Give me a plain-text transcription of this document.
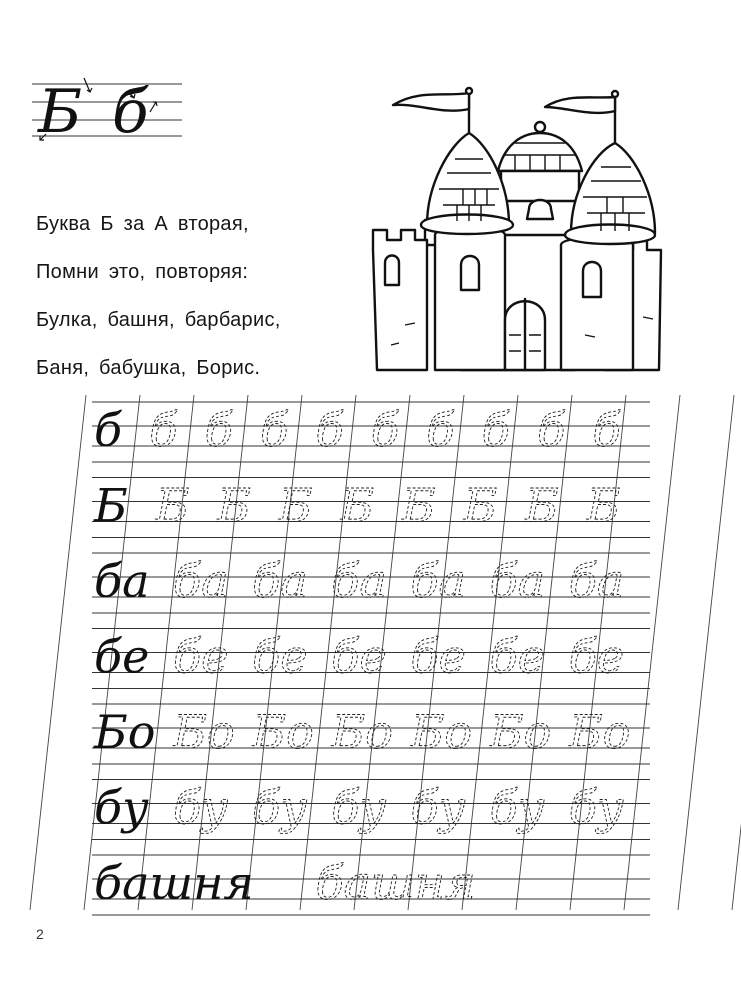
Б б
Буква Б за А вторая,
Помни это, повторяя:
Булка, башня, барбарис,
Баня, бабушка, Борис.
б б б б б б б б б б
Б Б Б Б Б Б Б Б Б
ба ба ба ба ба ба ба
бе бе бе бе бе бе бе
Бо Бо Бо Бо Бо Бо Бо
бу бу бу бу бу бу бу
башня башня
2
